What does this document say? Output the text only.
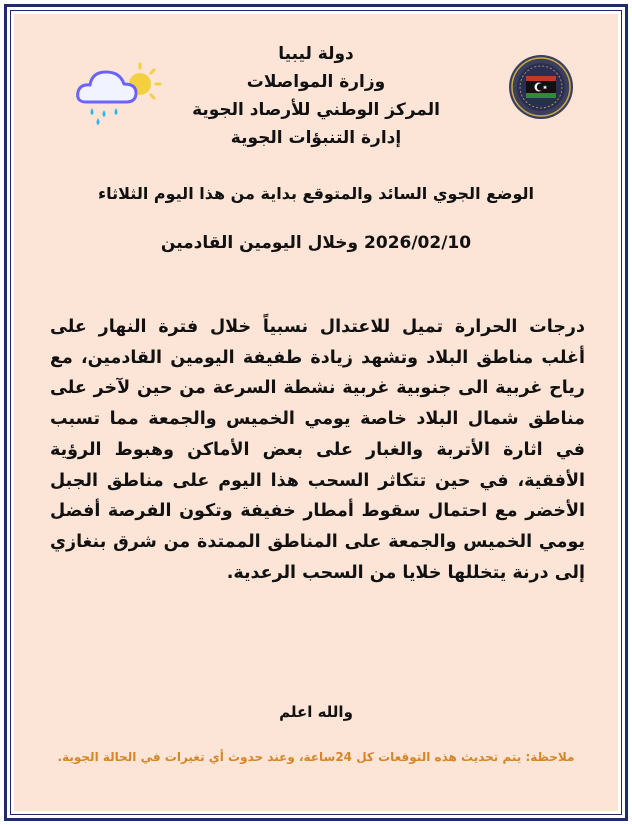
دولة ليبيا
وزارة المواصلات
المركز الوطني للأرصاد الجوية
إدارة التنبؤات الجوية
الوضع الجوي السائد والمتوقع بداية من هذا اليوم الثلاثاء
2026/02/10 وخلال اليومين القادمين
درجات الحرارة تميل للاعتدال نسبياً خلال فترة النهار على أغلب مناطق البلاد وتشهد زيادة طفيفة اليومين القادمين، مع رياح غربية الى جنوبية غربية نشطة السرعة من حين لآخر على مناطق شمال البلاد خاصة يومي الخميس والجمعة مما تسبب في اثارة الأتربة والغبار على بعض الأماكن وهبوط الرؤية الأفقية، في حين تتكاثر السحب هذا اليوم على مناطق الجبل الأخضر مع احتمال سقوط أمطار خفيفة وتكون الفرصة أفضل يومي الخميس والجمعة على المناطق الممتدة من شرق بنغازي إلى درنة يتخللها خلايا من السحب الرعدية.
والله اعلم
ملاحظة: يتم تحديث هذه التوقعات كل 24ساعة، وعند حدوث أي تغيرات في الحالة الجوية.
